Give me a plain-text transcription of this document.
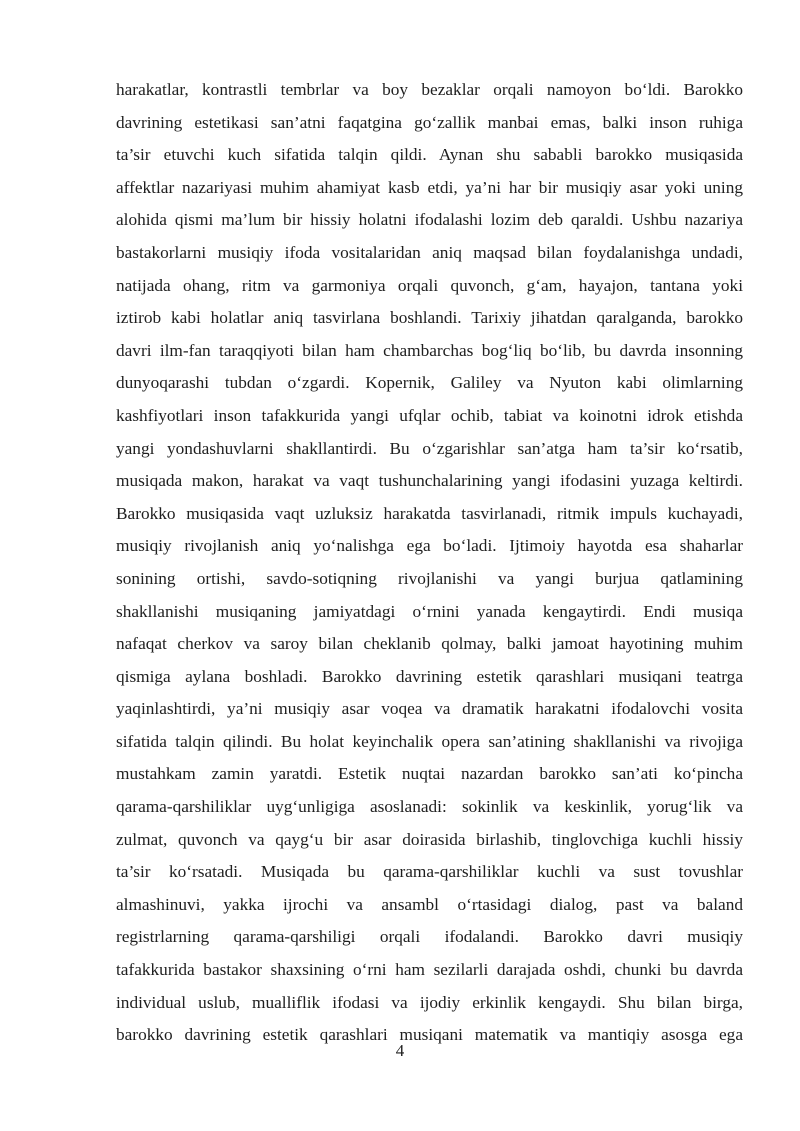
harakatlar, kontrastli tembrlar va boy bezaklar orqali namoyon bo‘ldi. Barokko
davrining estetikasi san’atni faqatgina go‘zallik manbai emas, balki inson ruhiga
ta’sir etuvchi kuch sifatida talqin qildi. Aynan shu sababli barokko musiqasida
affektlar nazariyasi muhim ahamiyat kasb etdi, ya’ni har bir musiqiy asar yoki uning
alohida qismi ma’lum bir hissiy holatni ifodalashi lozim deb qaraldi. Ushbu nazariya
bastakorlarni musiqiy ifoda vositalaridan aniq maqsad bilan foydalanishga undadi,
natijada ohang, ritm va garmoniya orqali quvonch, g‘am, hayajon, tantana yoki
iztirob kabi holatlar aniq tasvirlana boshlandi. Tarixiy jihatdan qaralganda, barokko
davri ilm-fan taraqqiyoti bilan ham chambarchas bog‘liq bo‘lib, bu davrda insonning
dunyoqarashi tubdan o‘zgardi. Kopernik, Galiley va Nyuton kabi olimlarning
kashfiyotlari inson tafakkurida yangi ufqlar ochib, tabiat va koinotni idrok etishda
yangi yondashuvlarni shakllantirdi. Bu o‘zgarishlar san’atga ham ta’sir ko‘rsatib,
musiqada makon, harakat va vaqt tushunchalarining yangi ifodasini yuzaga keltirdi.
Barokko musiqasida vaqt uzluksiz harakatda tasvirlanadi, ritmik impuls kuchayadi,
musiqiy rivojlanish aniq yo‘nalishga ega bo‘ladi. Ijtimoiy hayotda esa shaharlar
sonining ortishi, savdo-sotiqning rivojlanishi va yangi burjua qatlamining
shakllanishi musiqaning jamiyatdagi o‘rnini yanada kengaytirdi. Endi musiqa
nafaqat cherkov va saroy bilan cheklanib qolmay, balki jamoat hayotining muhim
qismiga aylana boshladi. Barokko davrining estetik qarashlari musiqani teatrga
yaqinlashtirdi, ya’ni musiqiy asar voqea va dramatik harakatni ifodalovchi vosita
sifatida talqin qilindi. Bu holat keyinchalik opera san’atining shakllanishi va rivojiga
mustahkam zamin yaratdi. Estetik nuqtai nazardan barokko san’ati ko‘pincha
qarama-qarshiliklar uyg‘unligiga asoslanadi: sokinlik va keskinlik, yorug‘lik va
zulmat, quvonch va qayg‘u bir asar doirasida birlashib, tinglovchiga kuchli hissiy
ta’sir ko‘rsatadi. Musiqada bu qarama-qarshiliklar kuchli va sust tovushlar
almashinuvi, yakka ijrochi va ansambl o‘rtasidagi dialog, past va baland
registrlarning qarama-qarshiligi orqali ifodalandi. Barokko davri musiqiy
tafakkurida bastakor shaxsining o‘rni ham sezilarli darajada oshdi, chunki bu davrda
individual uslub, mualliflik ifodasi va ijodiy erkinlik kengaydi. Shu bilan birga,
barokko davrining estetik qarashlari musiqani matematik va mantiqiy asosga ega
4
